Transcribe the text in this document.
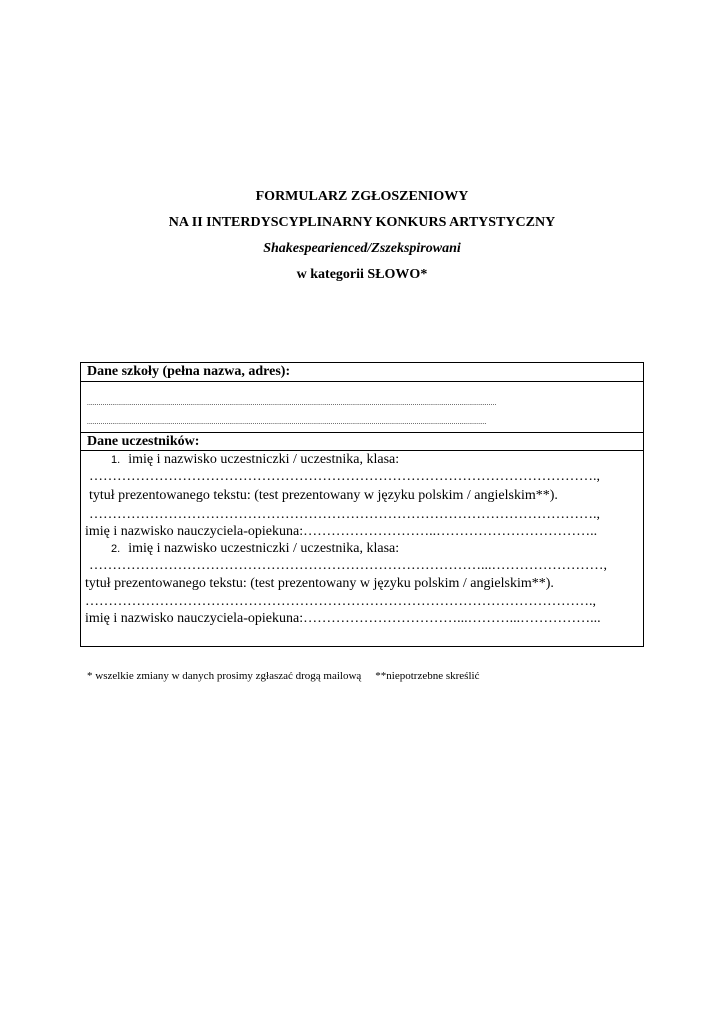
FORMULARZ ZGŁOSZENIOWY
NA II INTERDYSCYPLINARNY KONKURS ARTYSTYCZNY
Shakespearienced/Zszekspirowani
w kategorii SŁOWO*
Dane szkoły (pełna nazwa, adres):
..................................................................................................................................................................................................................
.............................................................................................................................................................................................................
Dane uczestników:
1. imię i nazwisko uczestniczki / uczestnika, klasa:
……………………………………………………………………………………………….,
tytuł prezentowanego tekstu: (test prezentowany w języku polskim / angielskim**).
……………………………………………………………………………………………….,
imię i nazwisko nauczyciela-opiekuna:………………………..……………………………..
2. imię i nazwisko uczestniczki / uczestnika, klasa:
…………………………………………………………………………...……………………,
tytuł prezentowanego tekstu: (test prezentowany w języku polskim / angielskim**).
……………………………………………………………………………………………….,
imię i nazwisko nauczyciela-opiekuna:……………………………...………...……………...
* wszelkie zmiany w danych prosimy zgłaszać drogą mailową **niepotrzebne skreślić
